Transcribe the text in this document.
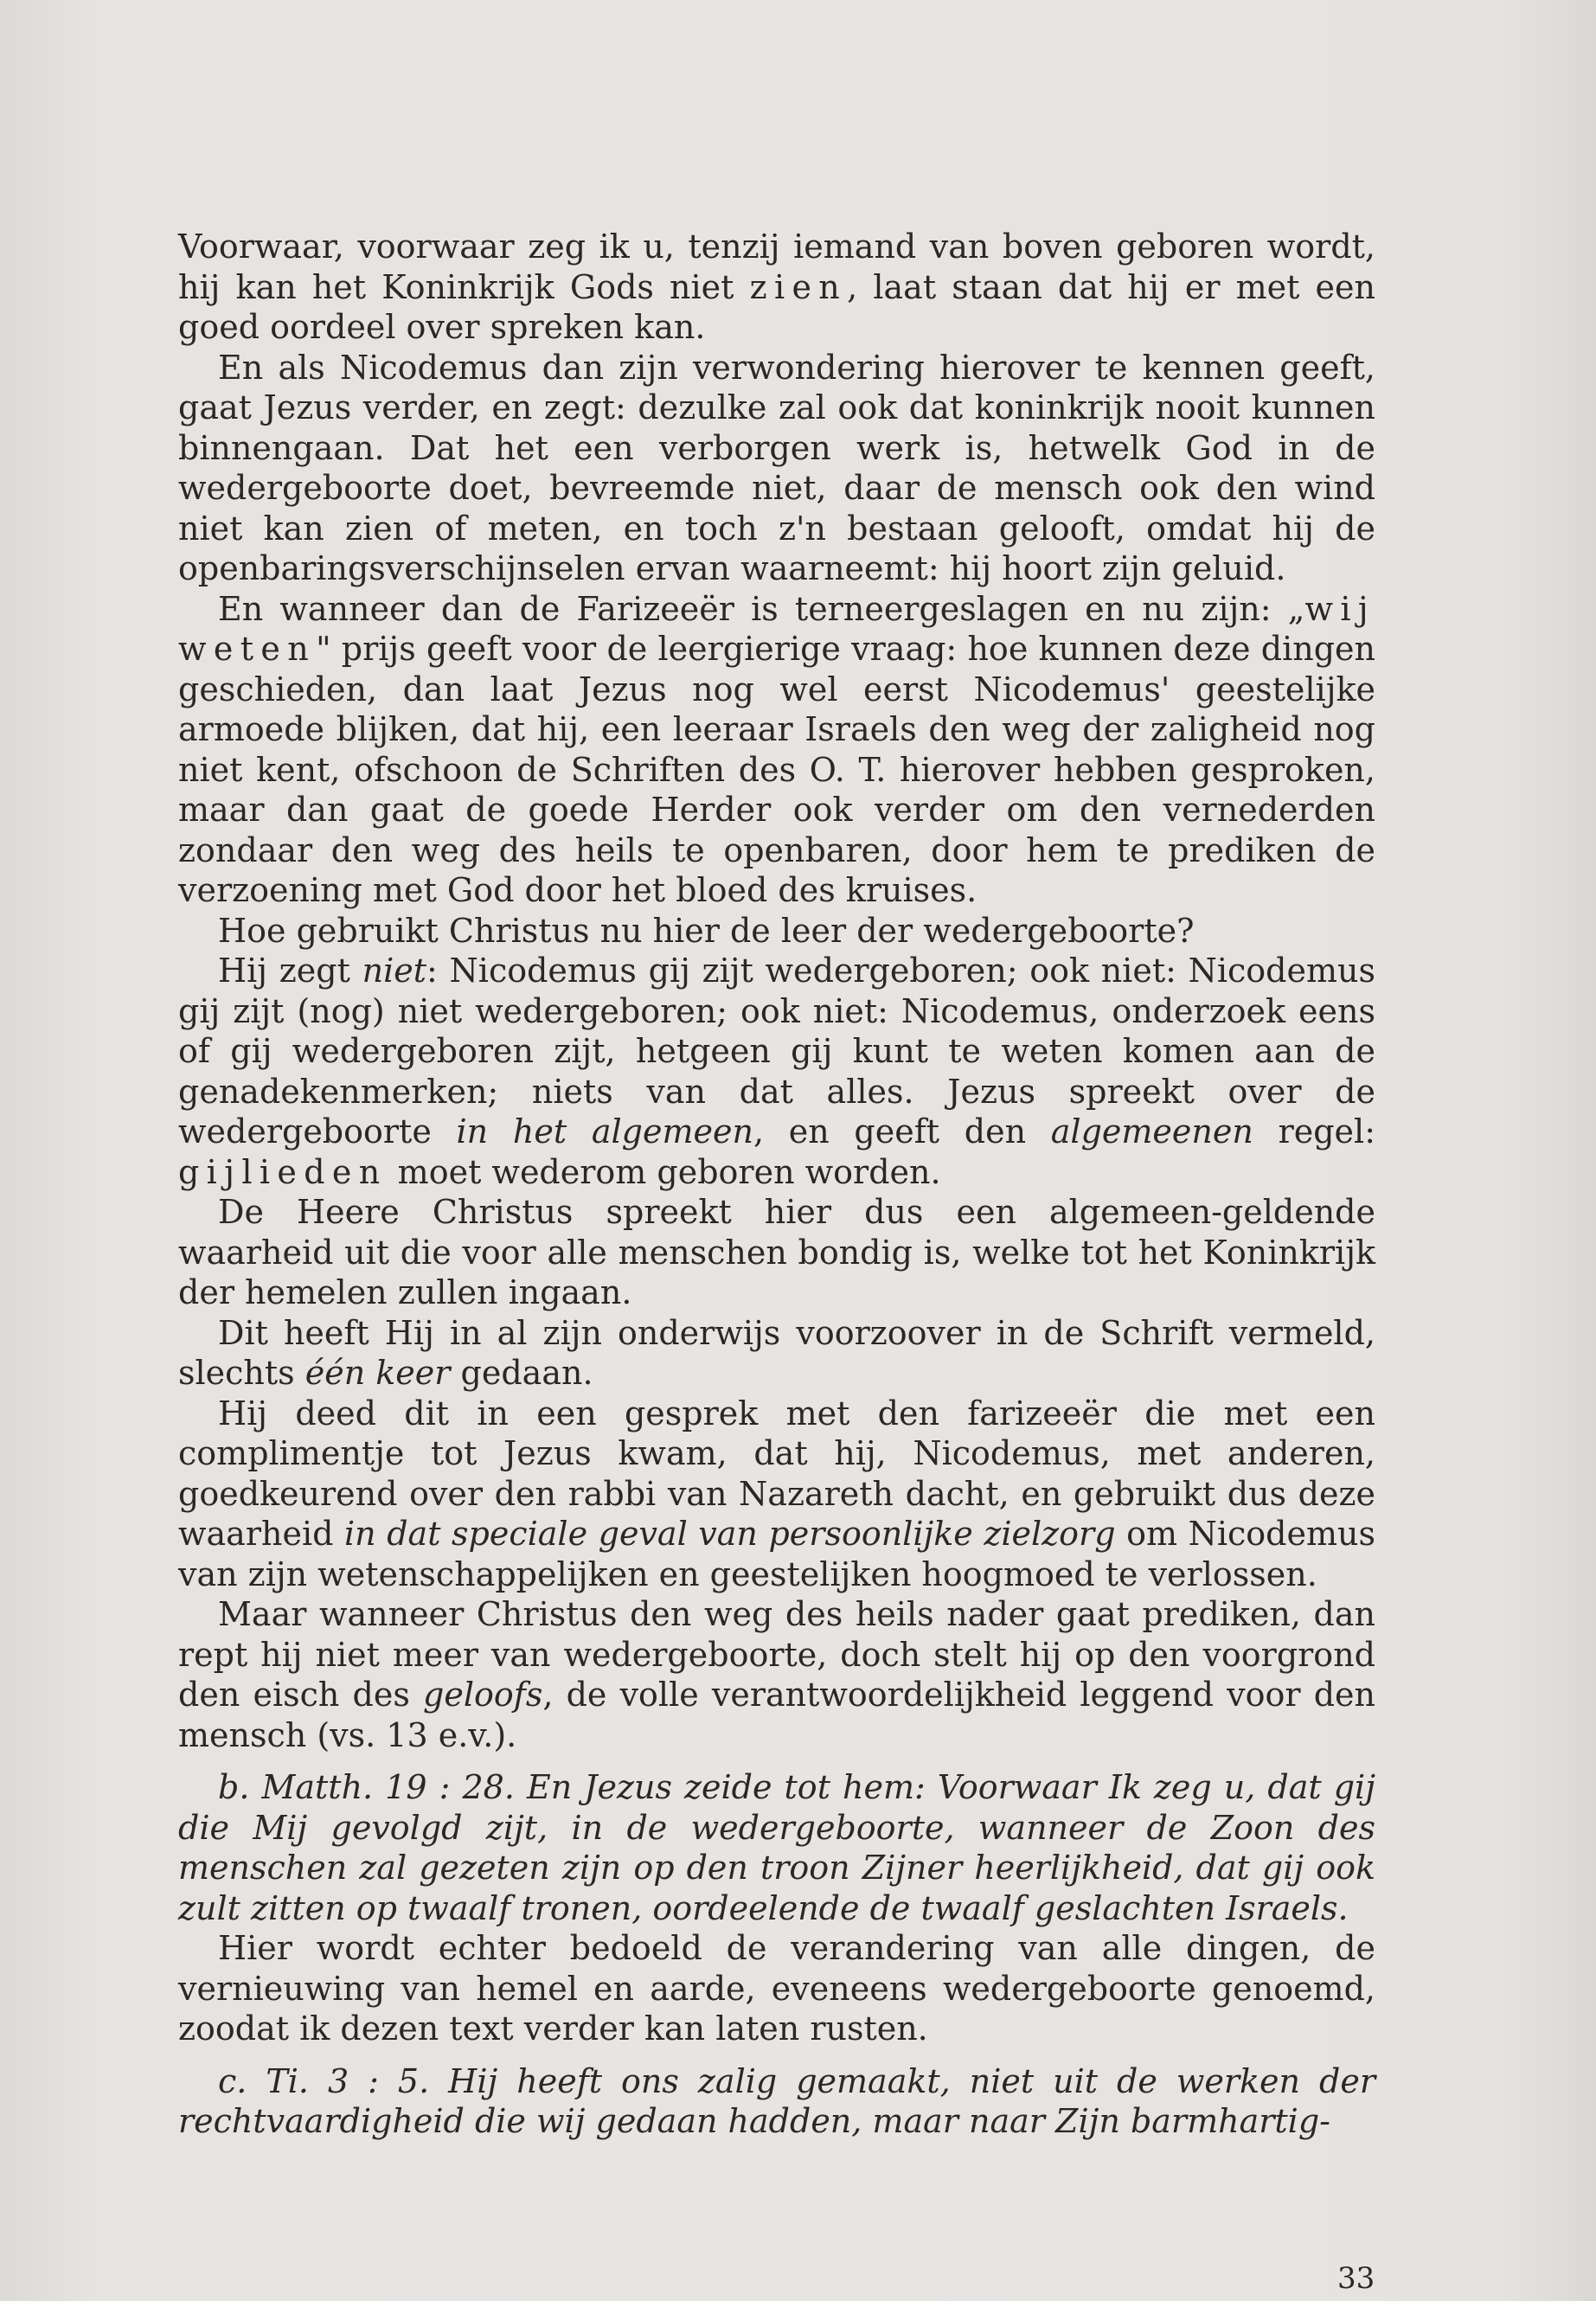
Voorwaar, voorwaar zeg ik u, tenzij iemand van boven geboren wordt, hij kan het Koninkrijk Gods niet zien, laat staan dat hij er met een goed oordeel over spreken kan.

En als Nicodemus dan zijn verwondering hierover te kennen geeft, gaat Jezus verder, en zegt: dezulke zal ook dat koninkrijk nooit kunnen binnengaan. Dat het een verborgen werk is, hetwelk God in de wedergeboorte doet, bevreemde niet, daar de mensch ook den wind niet kan zien of meten, en toch z'n bestaan gelooft, omdat hij de openbaringsverschijnselen ervan waarneemt: hij hoort zijn geluid.

En wanneer dan de Farizeeër is terneergeslagen en nu zijn: „wij weten" prijs geeft voor de leergierige vraag: hoe kunnen deze dingen geschieden, dan laat Jezus nog wel eerst Nicodemus' geestelijke armoede blijken, dat hij, een leeraar Israels den weg der zaligheid nog niet kent, ofschoon de Schriften des O. T. hierover hebben gesproken, maar dan gaat de goede Herder ook verder om den vernederden zondaar den weg des heils te openbaren, door hem te prediken de verzoening met God door het bloed des kruises.

Hoe gebruikt Christus nu hier de leer der wedergeboorte?

Hij zegt niet: Nicodemus gij zijt wedergeboren; ook niet: Nicodemus gij zijt (nog) niet wedergeboren; ook niet: Nicodemus, onderzoek eens of gij wedergeboren zijt, hetgeen gij kunt te weten komen aan de genadekenmerken; niets van dat alles. Jezus spreekt over de wedergeboorte in het algemeen, en geeft den algemeenen regel: gijlieden moet wederom geboren worden.

De Heere Christus spreekt hier dus een algemeen-geldende waarheid uit die voor alle menschen bondig is, welke tot het Koninkrijk der hemelen zullen ingaan.

Dit heeft Hij in al zijn onderwijs voorzoover in de Schrift vermeld, slechts één keer gedaan.

Hij deed dit in een gesprek met den farizeeër die met een complimentje tot Jezus kwam, dat hij, Nicodemus, met anderen, goedkeurend over den rabbi van Nazareth dacht, en gebruikt dus deze waarheid in dat speciale geval van persoonlijke zielzorg om Nicodemus van zijn wetenschappelijken en geestelijken hoogmoed te verlossen.

Maar wanneer Christus den weg des heils nader gaat prediken, dan rept hij niet meer van wedergeboorte, doch stelt hij op den voorgrond den eisch des geloofs, de volle verantwoordelijkheid leggend voor den mensch (vs. 13 e.v.).

b. Matth. 19 : 28. En Jezus zeide tot hem: Voorwaar Ik zeg u, dat gij die Mij gevolgd zijt, in de wedergeboorte, wanneer de Zoon des menschen zal gezeten zijn op den troon Zijner heerlijkheid, dat gij ook zult zitten op twaalf tronen, oordeelende de twaalf geslachten Israels.

Hier wordt echter bedoeld de verandering van alle dingen, de vernieuwing van hemel en aarde, eveneens wedergeboorte genoemd, zoodat ik dezen text verder kan laten rusten.

c. Ti. 3 : 5. Hij heeft ons zalig gemaakt, niet uit de werken der rechtvaardigheid die wij gedaan hadden, maar naar Zijn barmhartig-

33
